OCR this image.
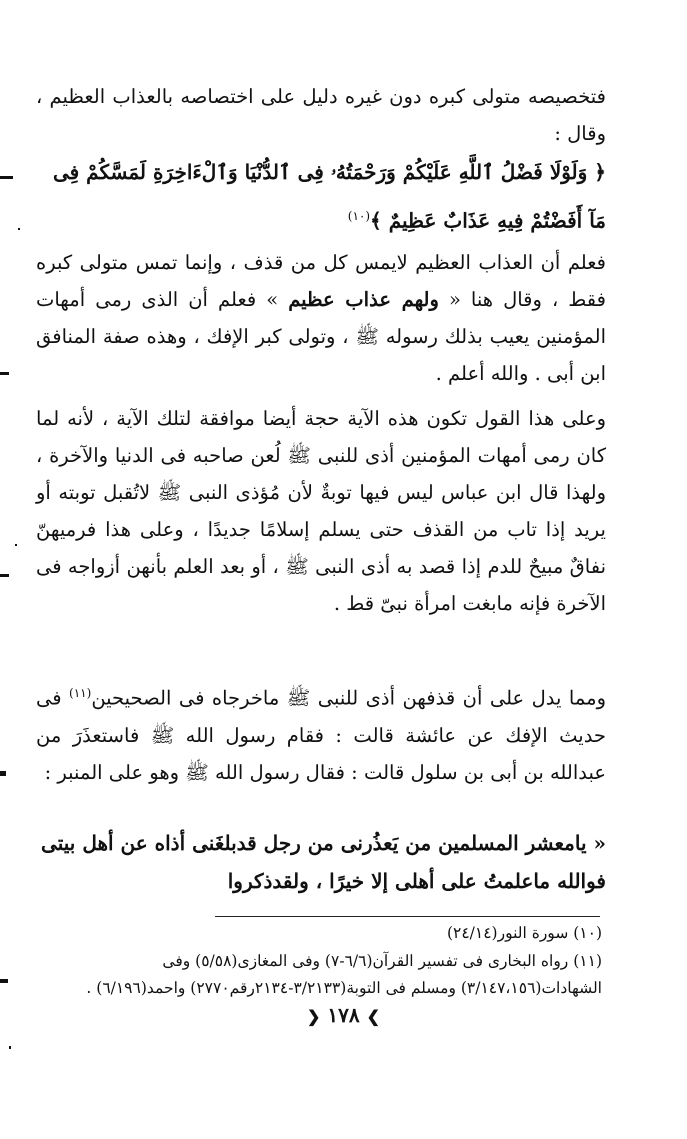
فتخصيصه متولى كبره دون غيره دليل على اختصاصه بالعذاب العظيم ، وقال :

﴿ وَلَوْلَا فَضْلُ ٱللَّهِ عَلَيْكُمْ وَرَحْمَتُهُۥ فِى ٱلدُّنْيَا وَٱلْءَاخِرَةِ لَمَسَّكُمْ فِى مَآ أَفَضْتُمْ فِيهِ عَذَابٌ عَظِيمٌ ﴾$^{(١٠)}$

فعلم أن العذاب العظيم لايمس كل من قذف ، وإنما تمس متولى كبره فقط ، وقال هنا « ولهم عذاب عظيم » فعلم أن الذى رمى أمهات المؤمنين يعيب بذلك رسوله ﷺ ، وتولى كبر الإفك ، وهذه صفة المنافق ابن أبى . والله أعلم .

وعلى هذا القول تكون هذه الآية حجة أيضا موافقة لتلك الآية ، لأنه لما كان رمى أمهات المؤمنين أذى للنبى ﷺ لُعن صاحبه فى الدنيا والآخرة ، ولهذا قال ابن عباس ليس فيها توبةٌ لأن مُؤذى النبى ﷺ لاتُقبل توبته أو يريد إذا تاب من القذف حتى يسلم إسلامًا جديدًا ، وعلى هذا فرميهنّ نفاقٌ مبيحٌ للدم إذا قصد به أذى النبى ﷺ ، أو بعد العلم بأنهن أزواجه فى الآخرة فإنه مابغت امرأة نبىّ قط .

ومما يدل على أن قذفهن أذى للنبى ﷺ ماخرجاه فى الصحيحين$^{(١١)}$ فى حديث الإفك عن عائشة قالت : فقام رسول الله ﷺ فاستعذَرَ من عبدالله بن أبى بن سلول قالت : فقال رسول الله ﷺ وهو على المنبر :

« يامعشر المسلمين من يَعذُرنى من رجل قدبلغَنى أذاه عن أهل بيتى فوالله ماعلمتُ على أهلى إلا خيرًا ، ولقدذكروا
(١٠) سورة النور(٢٤/١٤)
(١١) رواه البخارى فى تفسير القرآن(٦/٦-٧) وفى المغازى(٥/٥٨) وفى الشهادات(٣/١٤٧،١٥٦) ومسلم فى التوبة(٣/٢١٣٣-٢١٣٤رقم٢٧٧٠) واحمد(٦/١٩٦) .
❯ ١٧٨ ❮
